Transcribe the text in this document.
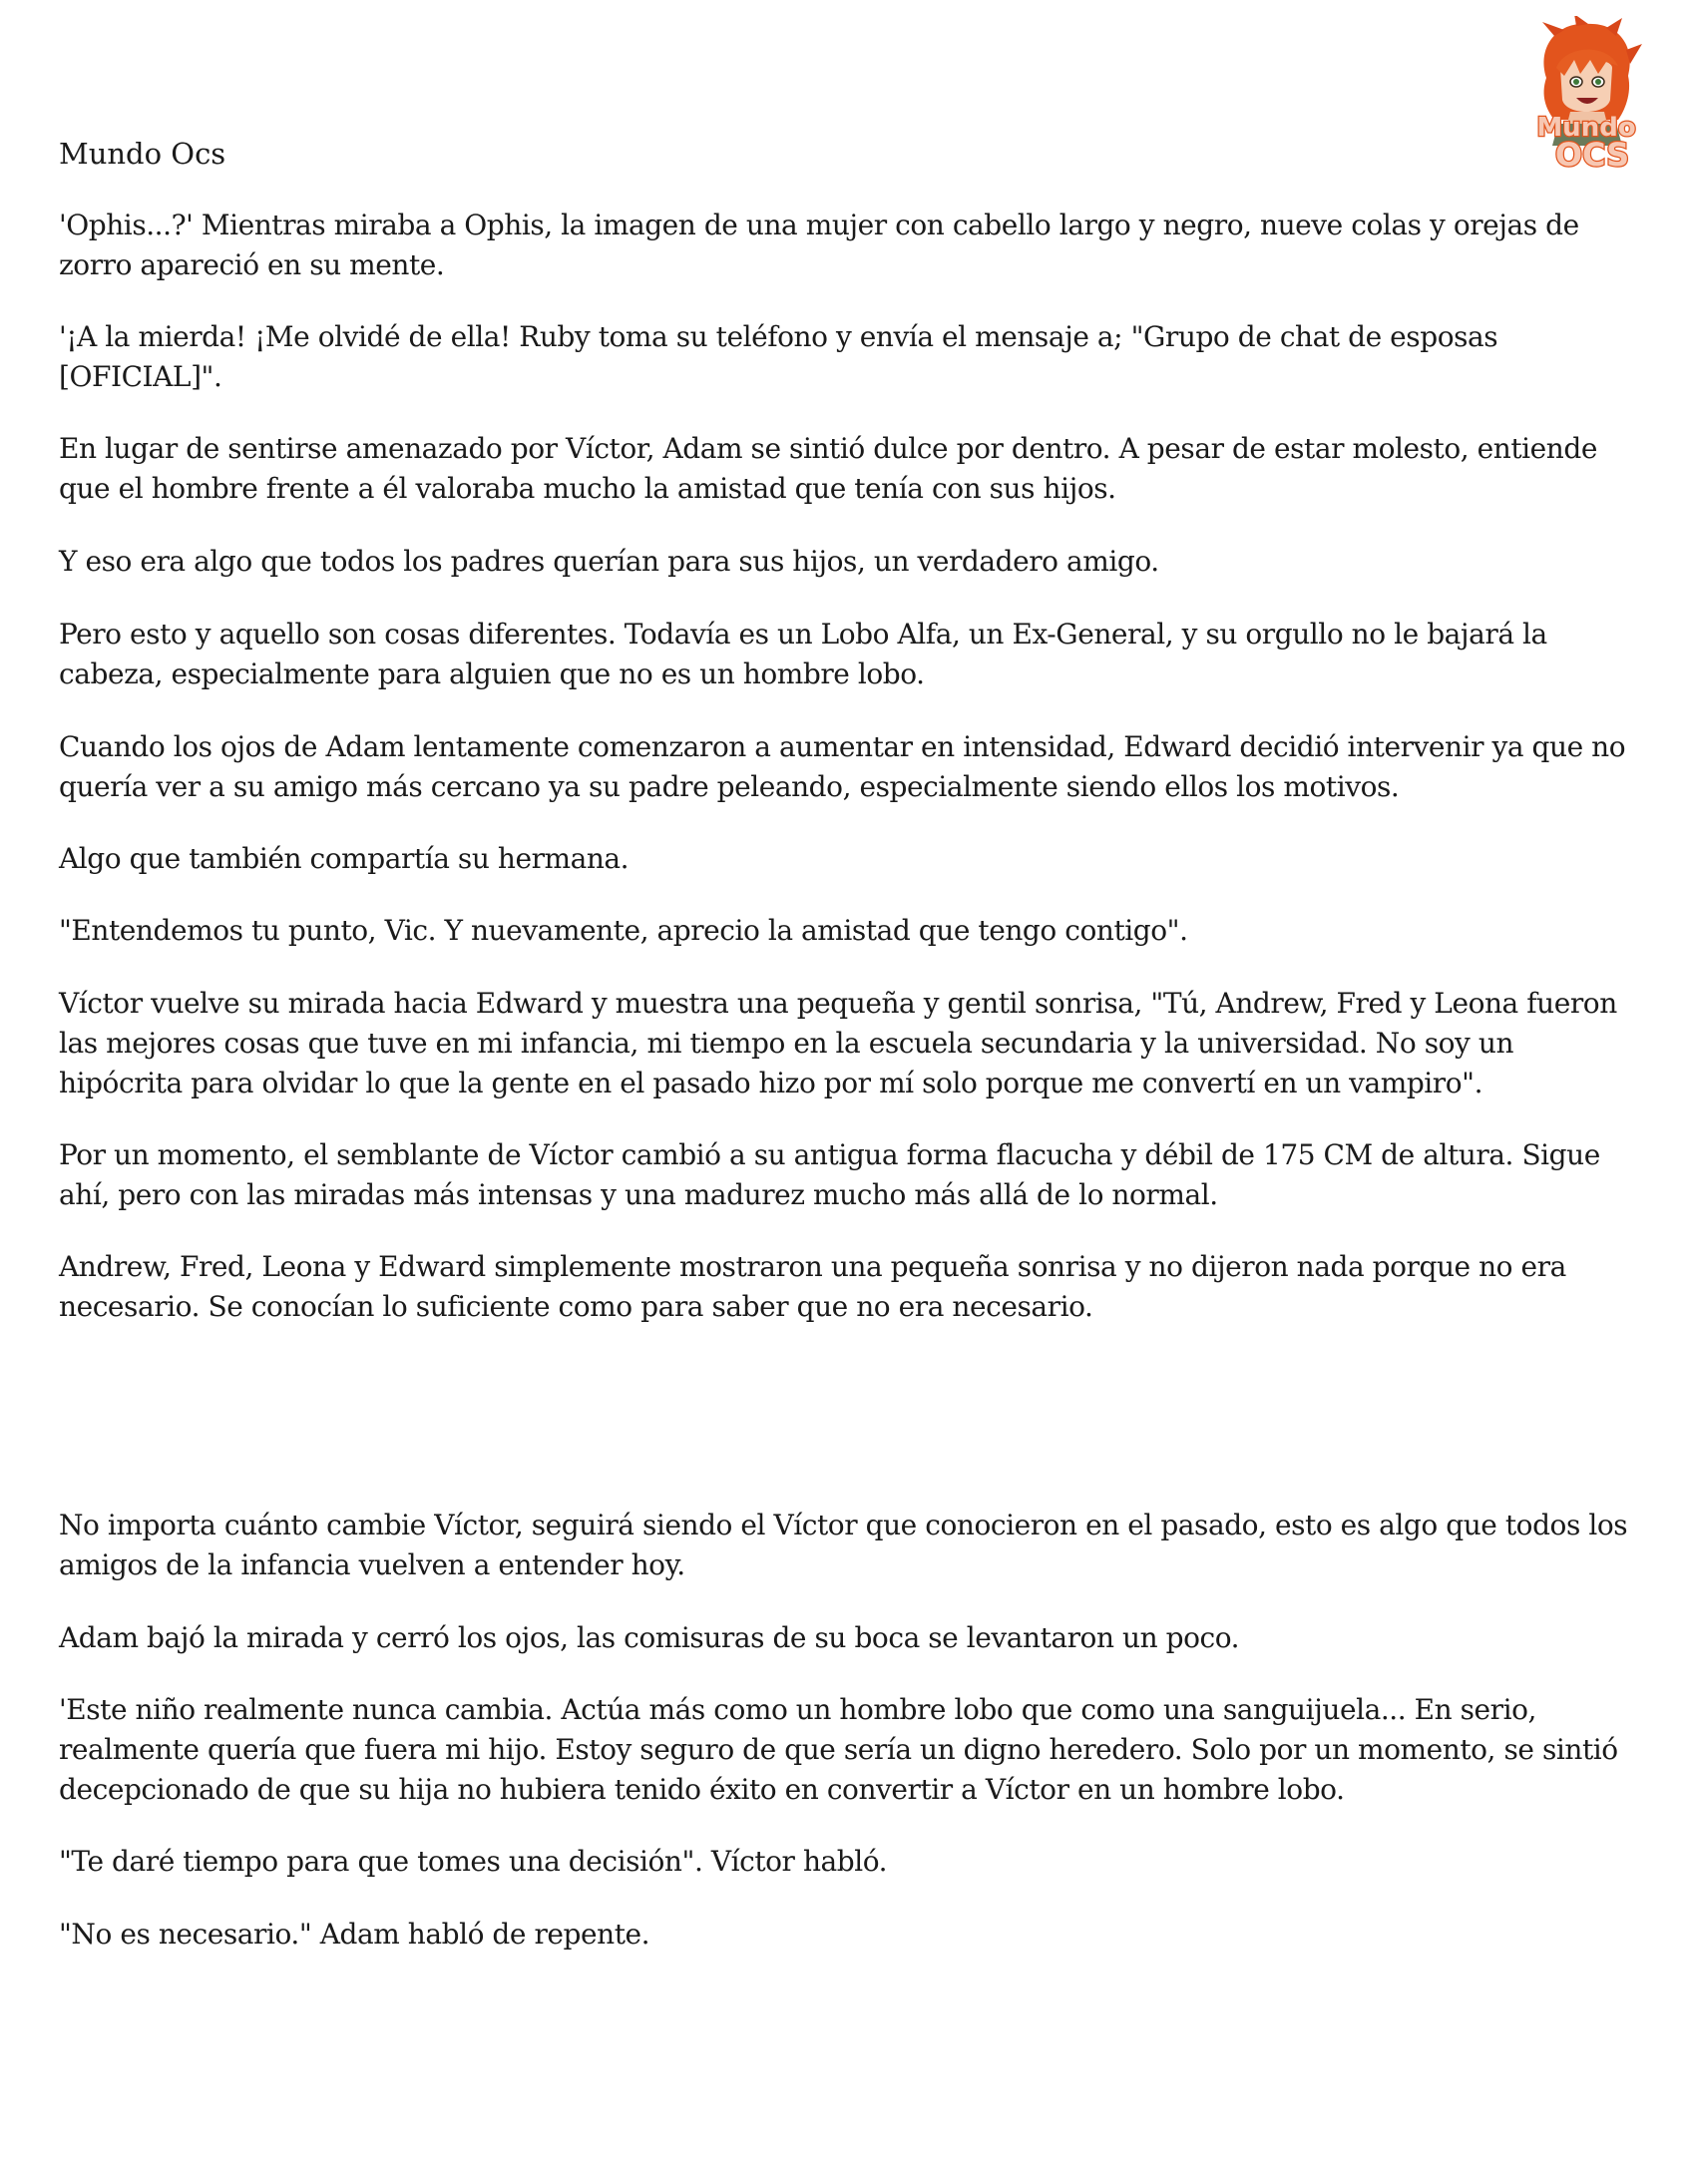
Mundo
OCS
Mundo Ocs

'Ophis...?' Mientras miraba a Ophis, la imagen de una mujer con cabello largo y negro, nueve colas y orejas de zorro apareció en su mente.

'¡A la mierda! ¡Me olvidé de ella! Ruby toma su teléfono y envía el mensaje a; "Grupo de chat de esposas [OFICIAL]".

En lugar de sentirse amenazado por Víctor, Adam se sintió dulce por dentro. A pesar de estar molesto, entiende que el hombre frente a él valoraba mucho la amistad que tenía con sus hijos.

Y eso era algo que todos los padres querían para sus hijos, un verdadero amigo.

Pero esto y aquello son cosas diferentes. Todavía es un Lobo Alfa, un Ex-General, y su orgullo no le bajará la cabeza, especialmente para alguien que no es un hombre lobo.

Cuando los ojos de Adam lentamente comenzaron a aumentar en intensidad, Edward decidió intervenir ya que no quería ver a su amigo más cercano ya su padre peleando, especialmente siendo ellos los motivos.

Algo que también compartía su hermana.

"Entendemos tu punto, Vic. Y nuevamente, aprecio la amistad que tengo contigo".

Víctor vuelve su mirada hacia Edward y muestra una pequeña y gentil sonrisa, "Tú, Andrew, Fred y Leona fueron las mejores cosas que tuve en mi infancia, mi tiempo en la escuela secundaria y la universidad. No soy un hipócrita para olvidar lo que la gente en el pasado hizo por mí solo porque me convertí en un vampiro".

Por un momento, el semblante de Víctor cambió a su antigua forma flacucha y débil de 175 CM de altura. Sigue ahí, pero con las miradas más intensas y una madurez mucho más allá de lo normal.

Andrew, Fred, Leona y Edward simplemente mostraron una pequeña sonrisa y no dijeron nada porque no era necesario. Se conocían lo suficiente como para saber que no era necesario.

No importa cuánto cambie Víctor, seguirá siendo el Víctor que conocieron en el pasado, esto es algo que todos los amigos de la infancia vuelven a entender hoy.

Adam bajó la mirada y cerró los ojos, las comisuras de su boca se levantaron un poco.

'Este niño realmente nunca cambia. Actúa más como un hombre lobo que como una sanguijuela... En serio, realmente quería que fuera mi hijo. Estoy seguro de que sería un digno heredero. Solo por un momento, se sintió decepcionado de que su hija no hubiera tenido éxito en convertir a Víctor en un hombre lobo.

"Te daré tiempo para que tomes una decisión". Víctor habló.

"No es necesario." Adam habló de repente.
